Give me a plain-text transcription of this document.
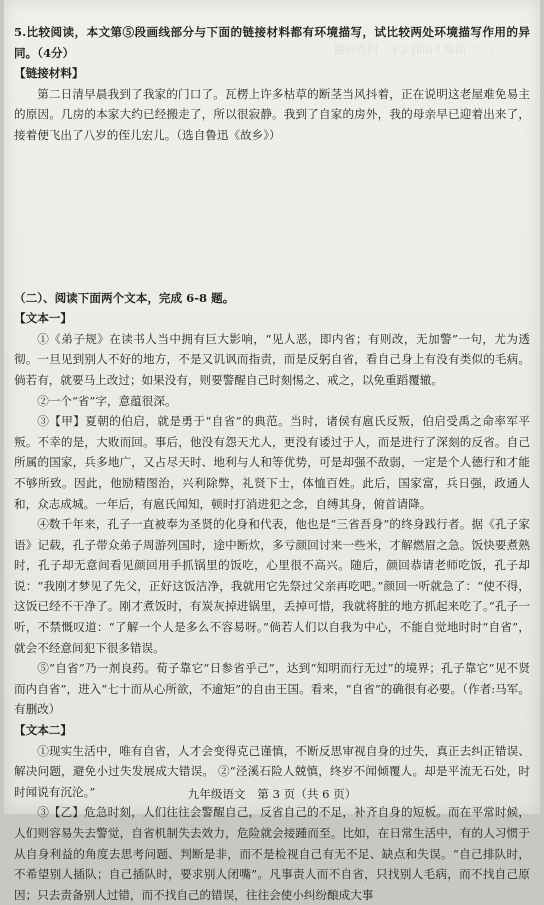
（三）阅读下面的文字　回答问题

5.比较阅读，本文第⑤段画线部分与下面的链接材料都有环境描写，试比较两处环境描写作用的异同。（4分）

【链接材料】

第二日清早晨我到了我家的门口了。瓦楞上许多枯草的断茎当风抖着，正在说明这老屋难免易主的原因。几房的本家大约已经搬走了，所以很寂静。我到了自家的房外，我的母亲早已迎着出来了，接着便飞出了八岁的侄儿宏儿。（选自鲁迅《故乡》）

（二）、阅读下面两个文本，完成 6-8 题。

【文本一】

①《弟子规》在读书人当中拥有巨大影响，“见人恶，即内省；有则改，无加警”一句，尤为透彻。一旦见到别人不好的地方，不是又讥讽而指责，而是反躬自省，看自己身上有没有类似的毛病。倘若有，就要马上改过；如果没有，则要警醒自己时刻惕之、戒之，以免重蹈覆辙。

②一个“省”字，意蕴很深。

③【甲】夏朝的伯启，就是勇于“自省”的典范。当时，诸侯有扈氏反叛，伯启受禹之命率军平叛。不幸的是，大败而回。事后，他没有怨天尤人，更没有诿过于人，而是进行了深刻的反省。自己所属的国家，兵多地广，又占尽天时、地利与人和等优势，可是却强不敌弱，一定是个人德行和才能不够所致。因此，他励精图治，兴利除弊，礼贤下士，体恤百姓。此后，国家富，兵日强，政通人和，众志成城。一年后，有扈氏闻知，顿时打消进犯之念，自缚其身，俯首请降。

④数千年来，孔子一直被奉为圣贤的化身和代表，他也是“三省吾身”的终身践行者。据《孔子家语》记载，孔子带众弟子周游列国时，途中断炊，多亏颜回讨来一些米，才解燃眉之急。饭快要煮熟时，孔子却无意间看见颜回用手抓锅里的饭吃，心里很不高兴。随后，颜回恭请老师吃饭，孔子却说：“我刚才梦见了先父，正好这饭洁净，我就用它先祭过父亲再吃吧。”颜回一听就急了：“使不得，这饭已经不干净了。刚才煮饭时，有炭灰掉进锅里，丢掉可惜，我就将脏的地方抓起来吃了。”孔子一听，不禁慨叹道：“了解一个人是多么不容易呀。”倘若人们以自我为中心，不能自觉地时时“自省”，就会不经意间犯下很多错误。

⑤“自省”乃一剂良药。荀子靠它“日参省乎己”，达到“知明而行无过”的境界；孔子靠它“见不贤而内自省”，进入“七十而从心所欲，不逾矩”的自由王国。看来，“自省”的确很有必要。（作者:马军。有删改）

【文本二】

①现实生活中，唯有自省，人才会变得克己谨慎，不断反思审视自身的过失，真正去纠正错误、解决问题，避免小过失发展成大错误。 ②“泾溪石险人兢慎，终岁不闻倾覆人。却是平流无石处，时时闻说有沉沦。”

③【乙】危急时刻，人们往往会警醒自己，反省自己的不足，补齐自身的短板。而在平常时候，人们则容易失去警觉，自省机制失去效力，危险就会接踵而至。比如，在日常生活中，有的人习惯于从自身利益的角度去思考问题、判断是非，而不是检视自己有无不足、缺点和失误。“自己排队时，不希望别人插队；自己插队时，要求别人闭嘴”。凡事责人而不自省，只找别人毛病，而不找自己原因；只去责备别人过错，而不找自己的错误，往往会使小纠纷酿成大事

九年级语文 第 3 页（共 6 页）
